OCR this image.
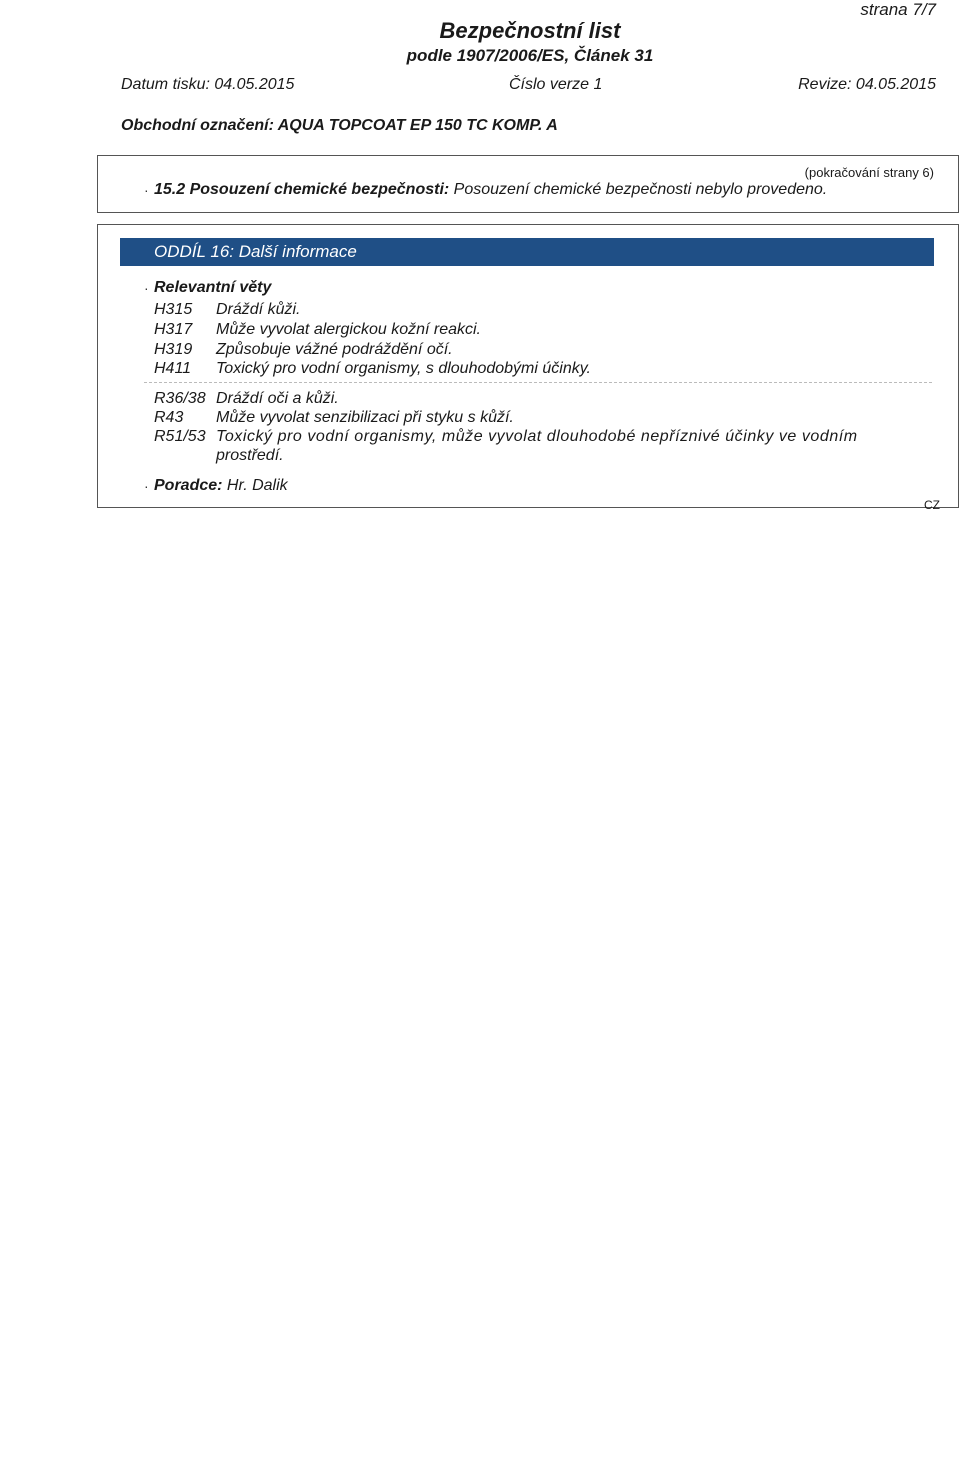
strana 7/7
Bezpečnostní list
podle 1907/2006/ES, Článek 31
Datum tisku: 04.05.2015	Číslo verze 1	Revize: 04.05.2015
Obchodní označení: AQUA TOPCOAT EP 150 TC KOMP. A
(pokračování strany 6)
· 15.2 Posouzení chemické bezpečnosti: Posouzení chemické bezpečnosti nebylo provedeno.
ODDÍL 16: Další informace
· Relevantní věty
H315 Dráždí kůži.
H317 Může vyvolat alergickou kožní reakci.
H319 Způsobuje vážné podráždění očí.
H411 Toxický pro vodní organismy, s dlouhodobými účinky.
R36/38 Dráždí oči a kůži.
R43 Může vyvolat senzibilizaci při styku s kůží.
R51/53 Toxický pro vodní organismy, může vyvolat dlouhodobé nepříznivé účinky ve vodním
prostředí.
· Poradce: Hr. Dalik
CZ
